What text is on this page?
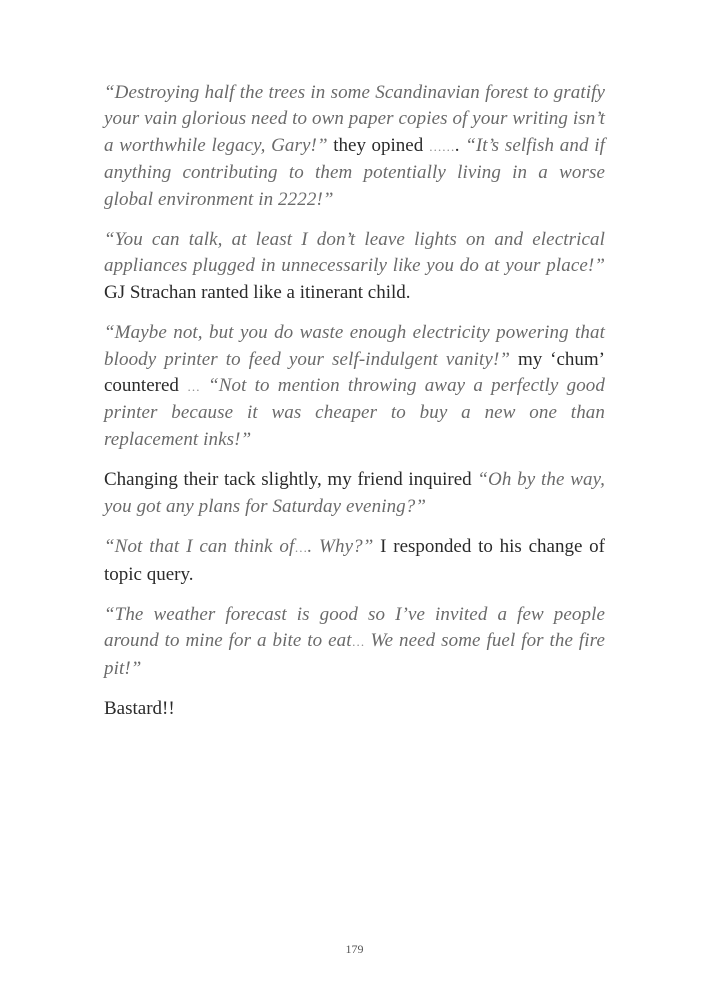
“Destroying half the trees in some Scandinavian forest to gratify your vain glorious need to own paper copies of your writing isn’t a worthwhile legacy, Gary!” they opined ……. “It’s selfish and if anything contributing to them potentially living in a worse global environment in 2222!”

“You can talk, at least I don’t leave lights on and electrical appliances plugged in unnecessarily like you do at your place!” GJ Strachan ranted like a itinerant child.

“Maybe not, but you do waste enough electricity powering that bloody printer to feed your self-indulgent vanity!” my ‘chum’ countered … “Not to mention throwing away a perfectly good printer because it was cheaper to buy a new one than replacement inks!”

Changing their tack slightly, my friend inquired “Oh by the way, you got any plans for Saturday evening?”

“Not that I can think of…. Why?” I responded to his change of topic query.

“The weather forecast is good so I’ve invited a few people around to mine for a bite to eat… We need some fuel for the fire pit!”

Bastard!!

179
